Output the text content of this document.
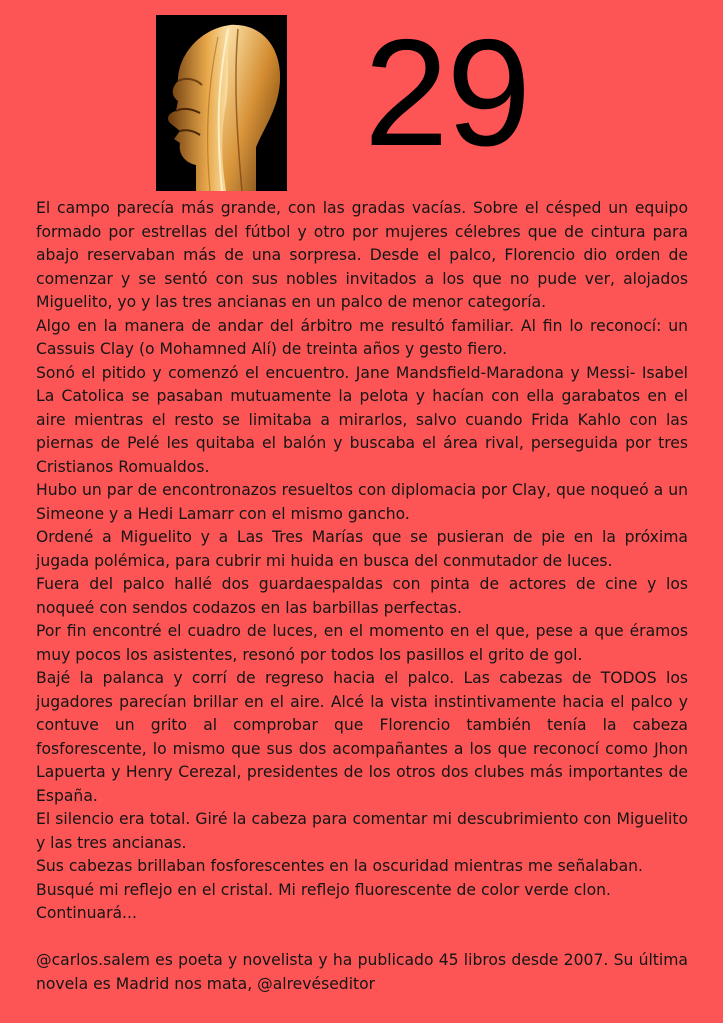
29

El campo parecía más grande, con las gradas vacías. Sobre el césped un equipo formado por estrellas del fútbol y otro por mujeres célebres que de cintura para abajo reservaban más de una sorpresa. Desde el palco, Florencio dio orden de comenzar y se sentó con sus nobles invitados a los que no pude ver, alojados Miguelito, yo y las tres ancianas en un palco de menor categoría.

Algo en la manera de andar del árbitro me resultó familiar. Al fin lo reconocí: un Cassuis Clay (o Mohamned Alí) de treinta años y gesto fiero.

Sonó el pitido y comenzó el encuentro. Jane Mandsfield-Maradona y Messi- Isabel La Catolica se pasaban mutuamente la pelota y hacían con ella garabatos en el aire mientras el resto se limitaba a mirarlos, salvo cuando Frida Kahlo con las piernas de Pelé les quitaba el balón y buscaba el área rival, perseguida por tres Cristianos Romualdos.

Hubo un par de encontronazos resueltos con diplomacia por Clay, que noqueó a un Simeone y a Hedi Lamarr con el mismo gancho.

Ordené a Miguelito y a Las Tres Marías que se pusieran de pie en la próxima jugada polémica, para cubrir mi huida en busca del conmutador de luces.

Fuera del palco hallé dos guardaespaldas con pinta de actores de cine y los noqueé con sendos codazos en las barbillas perfectas.

Por fin encontré el cuadro de luces, en el momento en el que, pese a que éramos muy pocos los asistentes, resonó por todos los pasillos el grito de gol.

Bajé la palanca y corrí de regreso hacia el palco. Las cabezas de TODOS los jugadores parecían brillar en el aire. Alcé la vista instintivamente hacia el palco y contuve un grito al comprobar que Florencio también tenía la cabeza fosforescente, lo mismo que sus dos acompañantes a los que reconocí como Jhon Lapuerta y Henry Cerezal, presidentes de los otros dos clubes más importantes de España.

El silencio era total. Giré la cabeza para comentar mi descubrimiento con Miguelito y las tres ancianas.

Sus cabezas brillaban fosforescentes en la oscuridad mientras me señalaban.

Busqué mi reflejo en el cristal. Mi reflejo fluorescente de color verde clon.

Continuará...

@carlos.salem es poeta y novelista y ha publicado 45 libros desde 2007. Su última novela es Madrid nos mata, @alrevéseditor
